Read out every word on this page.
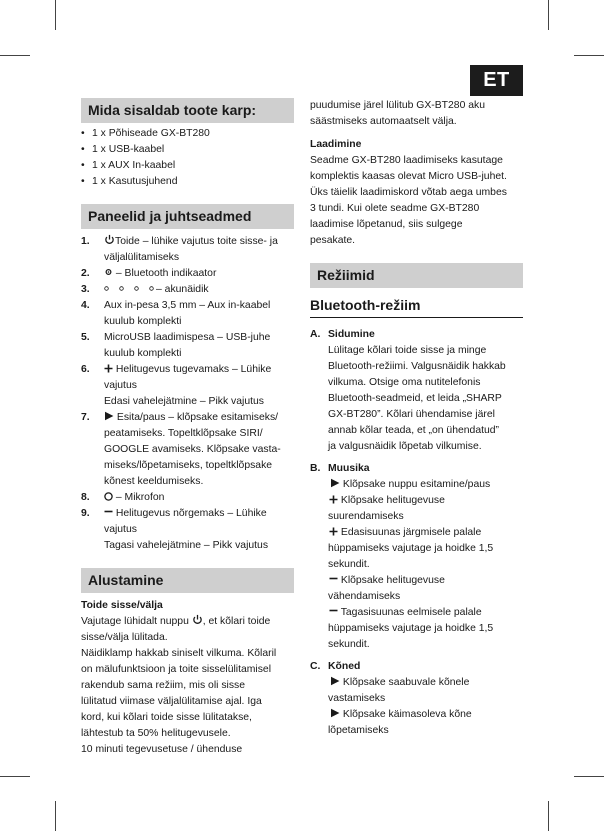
ET
Mida sisaldab toote karp:
• 1 x Põhiseade GX-BT280
• 1 x USB-kaabel
• 1 x AUX In-kaabel
• 1 x Kasutusjuhend
Paneelid ja juhtseadmed
1.	Toide – lühike vajutus toite sisse- ja
väljalülitamiseks
2.	– Bluetooth indikaator
3.	– akunäidik
4. Aux in-pesa 3,5 mm – Aux in-kaabel
kuulub komplekti
5. MicroUSB laadimispesa – USB-juhe
kuulub komplekti
6.	Helitugevus tugevamaks – Lühike
vajutus
Edasi vahelejätmine – Pikk vajutus
7.	Esita/paus – klõpsake esitamiseks/
peatamiseks. Topeltklõpsake SIRI/
GOOGLE avamiseks. Klõpsake vasta-
miseks/lõpetamiseks, topeltklõpsake
kõnest keeldumiseks.
8.	– Mikrofon
9.	Helitugevus nõrgemaks – Lühike
vajutus
Tagasi vahelejätmine – Pikk vajutus
Alustamine
Toide sisse/välja
Vajutage lühidalt nuppu , et kõlari toide
sisse/välja lülitada.
Näidiklamp hakkab siniselt vilkuma. Kõlaril
on mälufunktsioon ja toite sisselülitamisel
rakendub sama režiim, mis oli sisse
lülitatud viimase väljalülitamise ajal. Iga
kord, kui kõlari toide sisse lülitatakse,
lähtestub ta 50% helitugevusele.
10 minuti tegevusetuse / ühenduse
puudumise järel lülitub GX-BT280 aku
säästmiseks automaatselt välja.
Laadimine
Seadme GX-BT280 laadimiseks kasutage
komplektis kaasas olevat Micro USB-juhet.
Üks täielik laadimiskord võtab aega umbes
3 tundi. Kui olete seadme GX-BT280
laadimise lõpetanud, siis sulgege
pesakate.
Režiimid
Bluetooth-režiim
A. Sidumine
Lülitage kõlari toide sisse ja minge
Bluetooth-režiimi. Valgusnäidik hakkab
vilkuma. Otsige oma nutitelefonis
Bluetooth-seadmeid, et leida „SHARP
GX-BT280”. Kõlari ühendamise järel
annab kõlar teada, et „on ühendatud”
ja valgusnäidik lõpetab vilkumise.
B. Muusika
Klõpsake nuppu esitamine/paus
Klõpsake helitugevuse
suurendamiseks
Edasisuunas järgmisele palale
hüppamiseks vajutage ja hoidke 1,5
sekundit.
Klõpsake helitugevuse
vähendamiseks
Tagasisuunas eelmisele palale
hüppamiseks vajutage ja hoidke 1,5
sekundit.
C. Kõned
Klõpsake saabuvale kõnele
vastamiseks
Klõpsake käimasoleva kõne
lõpetamiseks
